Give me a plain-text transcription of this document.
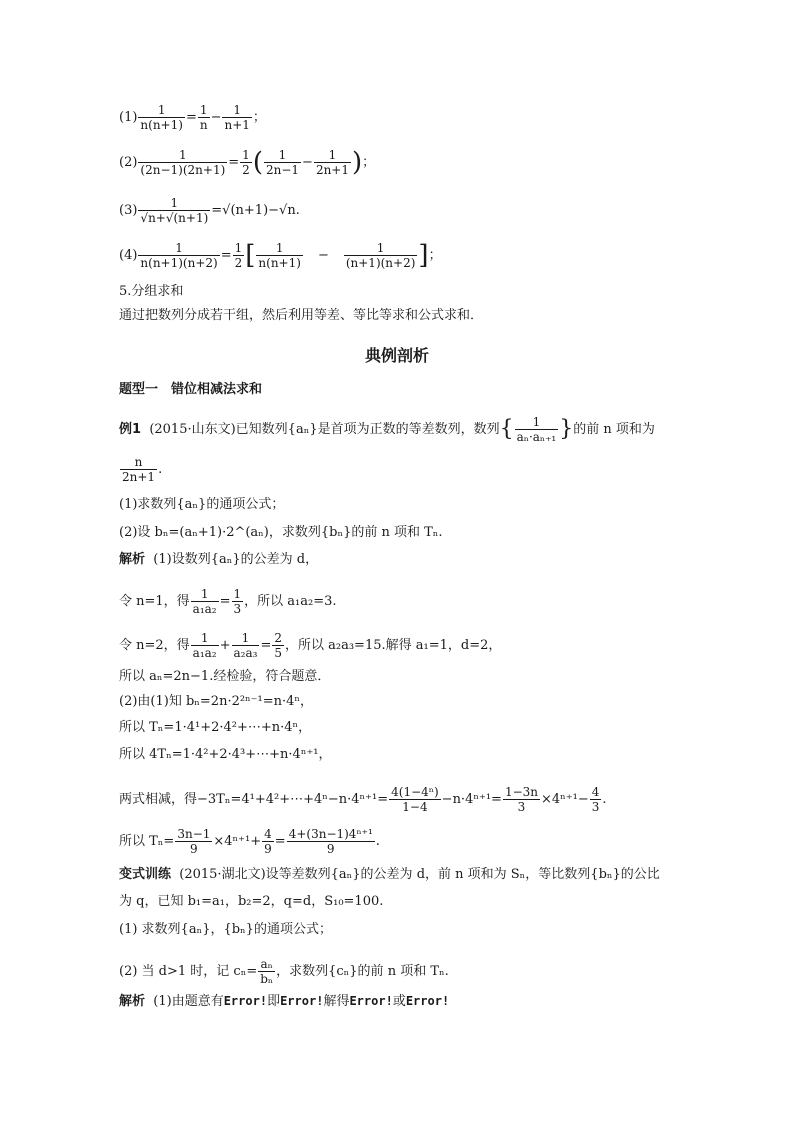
$(1) \frac{1}{n(n+1)} = \frac{1}{n} - \frac{1}{n+1}$ ；
$(2) \frac{1}{(2n-1)(2n+1)} = \frac{1}{2}$ ( $\frac{1}{2n-1} - \frac{1}{2n+1}$ )；
$(3) \frac{1}{√n+√(n+1)} =√(n+1)-√n$.
$(4) \frac{1}{n(n+1)(n+2)} = \frac{1}{2}$ [ $\frac{1}{n(n+1)} - \frac{1}{(n+1)(n+2)}$ ]；
5.分组求和
通过把数列分成若干组，然后利用等差、等比等求和公式求和．
典例剖析
题型一　错位相减法求和
例1 (2015·山东文)已知数列{aₙ}是首项为正数的等差数列，数列{ $\frac{1}{\text{aₙ·aₙ₊₁}}$ }的前 n 项和为
$\frac{n}{2n+1}$ .
(1)求数列{aₙ}的通项公式；
(2)设 bₙ=(aₙ+1)·2^(aₙ)，求数列{bₙ}的前 n 项和 Tₙ.
解析 (1)设数列{aₙ}的公差为 d，
令 n=1，得 $\frac{1}{\text{a₁a₂}} = \frac{1}{3}$ ，所以 a₁a₂=3.
令 n=2，得 $\frac{1}{\text{a₁a₂}} + \frac{1}{\text{a₂a₃}} = \frac{2}{5}$ ，所以 a₂a₃=15.解得 a₁=1，d=2，
所以 aₙ=2n−1.经检验，符合题意．
(2)由(1)知 bₙ=2n·2²ⁿ⁻¹=n·4ⁿ，
所以 Tₙ=1·4¹+2·4²+⋯+n·4ⁿ，
所以 4Tₙ=1·4²+2·4³+⋯+n·4ⁿ⁺¹，
两式相减，得−3Tₙ=4¹+4²+⋯+4ⁿ−n·4ⁿ⁺¹= $\frac{\text{4(1−4ⁿ)}}{1-4} -n\cdot 4^{n+1}= \frac{1-3n}{3} \times 4^{n+1}- \frac{4}{3}$ .
所以 $T_n= \frac{3n-1}{9} \times 4^{n+1}+ \frac{4}{9} = \frac{\text{4+(3n−1)4ⁿ⁺¹}}{9}$ .
变式训练 (2015·湖北文)设等差数列{aₙ}的公差为 d，前 n 项和为 Sₙ，等比数列{bₙ}的公比
为 q，已知 b₁=a₁，b₂=2，q=d，S₁₀=100.
(1) 求数列{aₙ}，{bₙ}的通项公式；
(2) 当 d>1 时，记 $c_n= \frac{\text{aₙ}}{\text{bₙ}}$ ，求数列{cₙ}的前 n 项和 Tₙ.
解析 (1)由题意有Error!即Error!解得Error!或Error!
